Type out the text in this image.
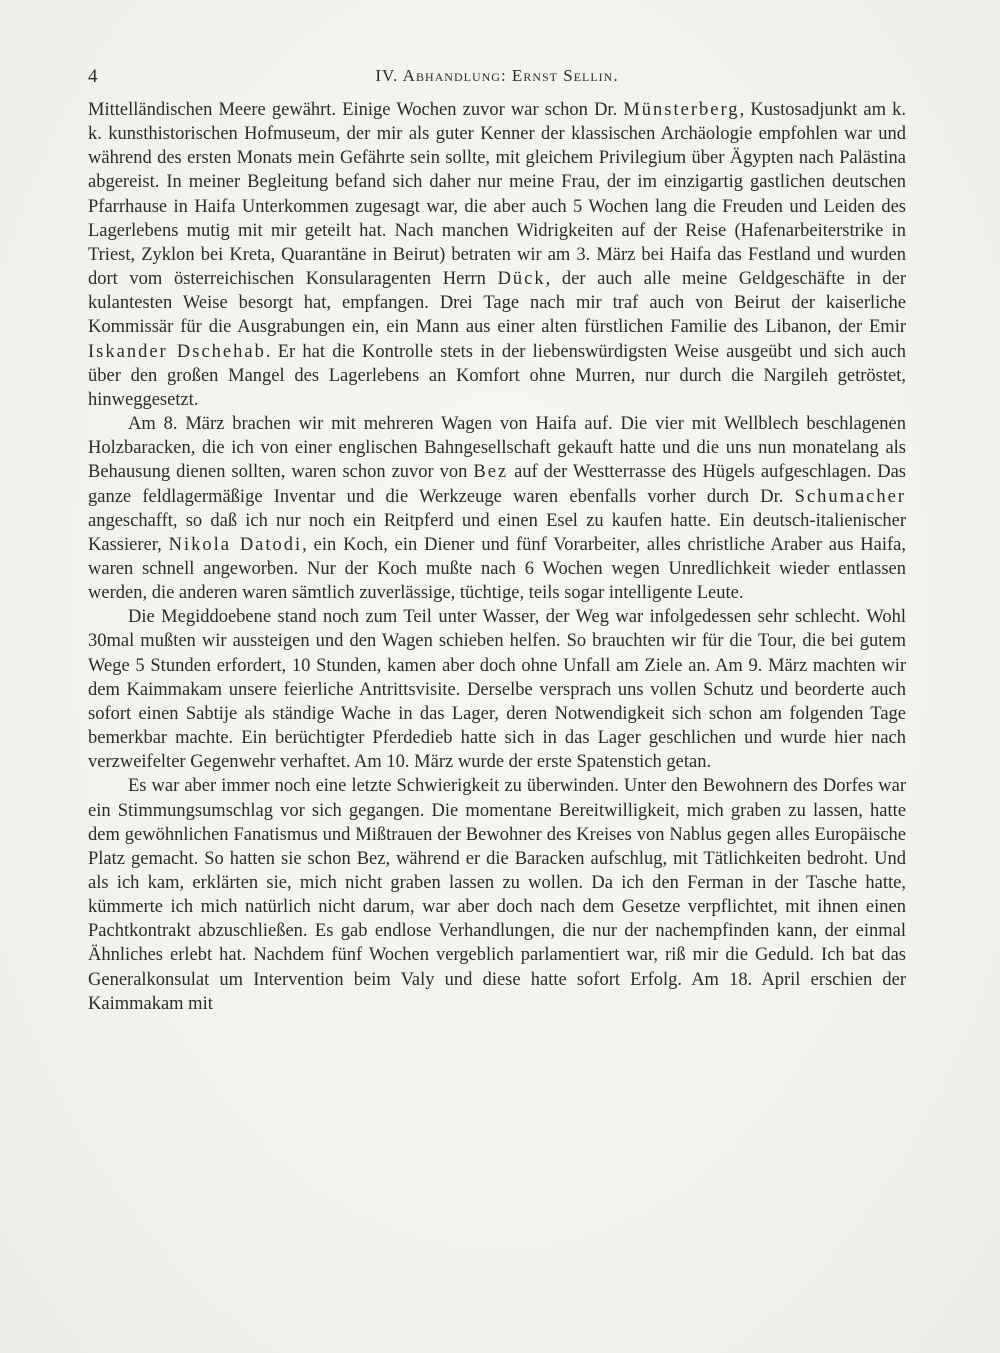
4	IV. Abhandlung: Ernst Sellin.

Mittelländischen Meere gewährt. Einige Wochen zuvor war schon Dr. Münsterberg, Kustosadjunkt am k. k. kunsthistorischen Hofmuseum, der mir als guter Kenner der klassischen Archäologie empfohlen war und während des ersten Monats mein Gefährte sein sollte, mit gleichem Privilegium über Ägypten nach Palästina abgereist. In meiner Begleitung befand sich daher nur meine Frau, der im einzigartig gastlichen deutschen Pfarrhause in Haifa Unterkommen zugesagt war, die aber auch 5 Wochen lang die Freuden und Leiden des Lagerlebens mutig mit mir geteilt hat. Nach manchen Widrigkeiten auf der Reise (Hafenarbeiterstrike in Triest, Zyklon bei Kreta, Quarantäne in Beirut) betraten wir am 3. März bei Haifa das Festland und wurden dort vom österreichischen Konsularagenten Herrn Dück, der auch alle meine Geldgeschäfte in der kulantesten Weise besorgt hat, empfangen. Drei Tage nach mir traf auch von Beirut der kaiserliche Kommissär für die Ausgrabungen ein, ein Mann aus einer alten fürstlichen Familie des Libanon, der Emir Iskander Dschehab. Er hat die Kontrolle stets in der liebenswürdigsten Weise ausgeübt und sich auch über den großen Mangel des Lagerlebens an Komfort ohne Murren, nur durch die Nargileh getröstet, hinweggesetzt.

Am 8. März brachen wir mit mehreren Wagen von Haifa auf. Die vier mit Wellblech beschlagenen Holzbaracken, die ich von einer englischen Bahngesellschaft gekauft hatte und die uns nun monatelang als Behausung dienen sollten, waren schon zuvor von Bez auf der Westterrasse des Hügels aufgeschlagen. Das ganze feldlagermäßige Inventar und die Werkzeuge waren ebenfalls vorher durch Dr. Schumacher angeschafft, so daß ich nur noch ein Reitpferd und einen Esel zu kaufen hatte. Ein deutsch-italienischer Kassierer, Nikola Datodi, ein Koch, ein Diener und fünf Vorarbeiter, alles christliche Araber aus Haifa, waren schnell angeworben. Nur der Koch mußte nach 6 Wochen wegen Unredlichkeit wieder entlassen werden, die anderen waren sämtlich zuverlässige, tüchtige, teils sogar intelligente Leute.

Die Megiddoebene stand noch zum Teil unter Wasser, der Weg war infolgedessen sehr schlecht. Wohl 30mal mußten wir aussteigen und den Wagen schieben helfen. So brauchten wir für die Tour, die bei gutem Wege 5 Stunden erfordert, 10 Stunden, kamen aber doch ohne Unfall am Ziele an. Am 9. März machten wir dem Kaimmakam unsere feierliche Antrittsvisite. Derselbe versprach uns vollen Schutz und beorderte auch sofort einen Sabtije als ständige Wache in das Lager, deren Notwendigkeit sich schon am folgenden Tage bemerkbar machte. Ein berüchtigter Pferdedieb hatte sich in das Lager geschlichen und wurde hier nach verzweifelter Gegenwehr verhaftet. Am 10. März wurde der erste Spatenstich getan.

Es war aber immer noch eine letzte Schwierigkeit zu überwinden. Unter den Bewohnern des Dorfes war ein Stimmungsumschlag vor sich gegangen. Die momentane Bereitwilligkeit, mich graben zu lassen, hatte dem gewöhnlichen Fanatismus und Mißtrauen der Bewohner des Kreises von Nablus gegen alles Europäische Platz gemacht. So hatten sie schon Bez, während er die Baracken aufschlug, mit Tätlichkeiten bedroht. Und als ich kam, erklärten sie, mich nicht graben lassen zu wollen. Da ich den Ferman in der Tasche hatte, kümmerte ich mich natürlich nicht darum, war aber doch nach dem Gesetze verpflichtet, mit ihnen einen Pachtkontrakt abzuschließen. Es gab endlose Verhandlungen, die nur der nachempfinden kann, der einmal Ähnliches erlebt hat. Nachdem fünf Wochen vergeblich parlamentiert war, riß mir die Geduld. Ich bat das Generalkonsulat um Intervention beim Valy und diese hatte sofort Erfolg. Am 18. April erschien der Kaimmakam mit
